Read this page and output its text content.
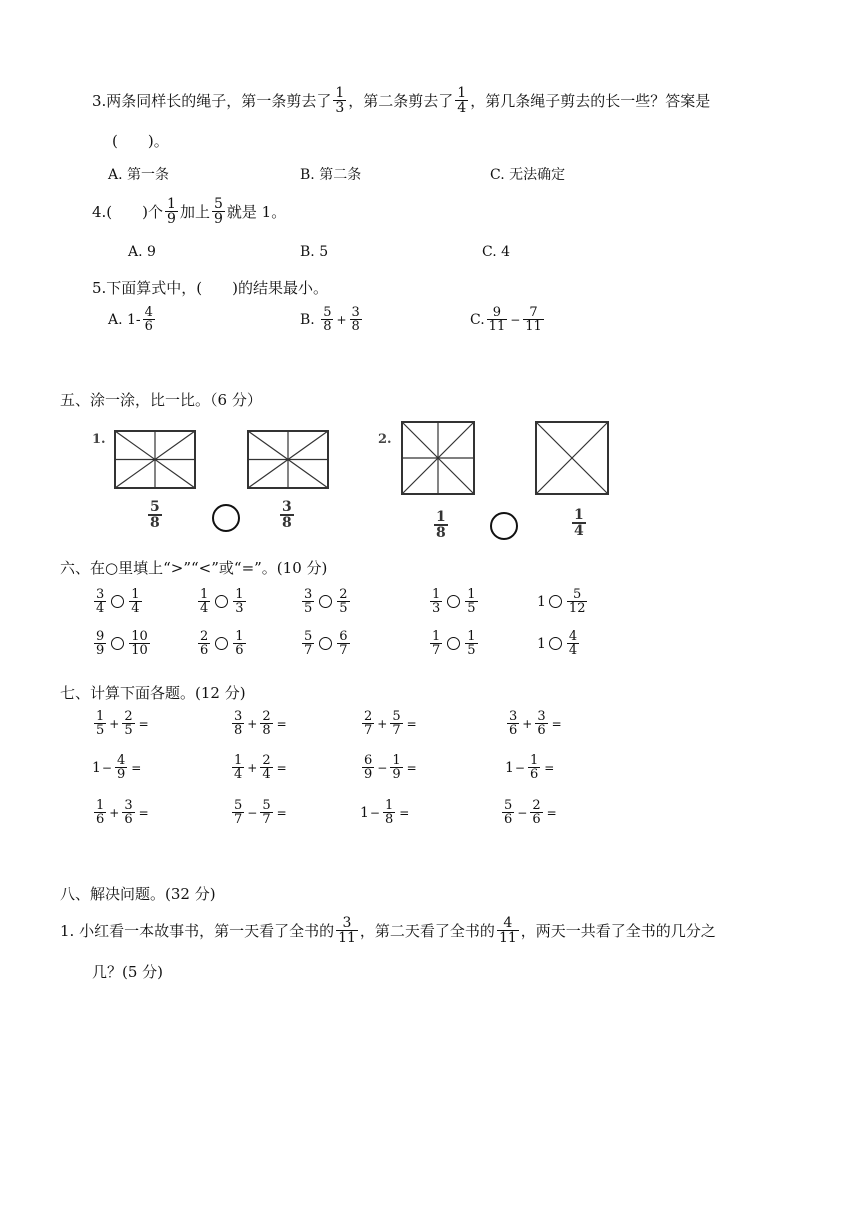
3.两条同样长的绳子，第一条剪去了 $\frac{1}{3}$ ，第二条剪去了 $\frac{1}{4}$ ，第几条绳子剪去的长一些？答案是
(　　)。
A. 第一条	B. 第二条	C. 无法确定
4.(　　)个 $\frac{1}{9}$ 加上 $\frac{5}{9}$ 就是 1。
A. 9	B. 5	C. 4
5.下面算式中，(　　)的结果最小。
A. $1- \frac{4}{6}$	B.
$\frac{5}{8} + \frac{3}{8}$	C. $\frac{9}{11} - \frac{7}{11}$
五、涂一涂，比一比。（6 分）
1.	2.
$\frac{5}{8}$	$\frac{3}{8}$	$\frac{1}{8}$	$\frac{1}{4}$
六、在○里填上“>”“<”或“=”。(10 分)
$\frac{3}{4} \frac{1}{4}$	$\frac{1}{4} \frac{1}{3}$	$\frac{3}{5} \frac{2}{5}$	$\frac{1}{3} \frac{1}{5}$	$1 \frac{5}{12}$
$\frac{9}{9} \frac{10}{10}$	$\frac{2}{6} \frac{1}{6}$	$\frac{5}{7} \frac{6}{7}$	$\frac{1}{7} \frac{1}{5}$	$1 \frac{4}{4}$
七、计算下面各题。(12 分)
$\frac{1}{5} + \frac{2}{5}$ =	$\frac{3}{8} + \frac{2}{8}$ =	$\frac{2}{7} + \frac{5}{7}$ =	$\frac{3}{6} + \frac{3}{6}$ =
$1 - \frac{4}{9}$ =	$\frac{1}{4} + \frac{2}{4}$ =	$\frac{6}{9} - \frac{1}{9}$ =	$1 - \frac{1}{6}$ =
$\frac{1}{6} + \frac{3}{6}$ =	$\frac{5}{7} - \frac{5}{7}$ =	$1 - \frac{1}{8}$ =	$\frac{5}{6} - \frac{2}{6}$ =
八、解决问题。(32 分)
1. 小红看一本故事书，第一天看了全书的 $\frac{3}{11}$ ，第二天看了全书的 $\frac{4}{11}$ ，两天一共看了全书的几分之
几？(5 分)
